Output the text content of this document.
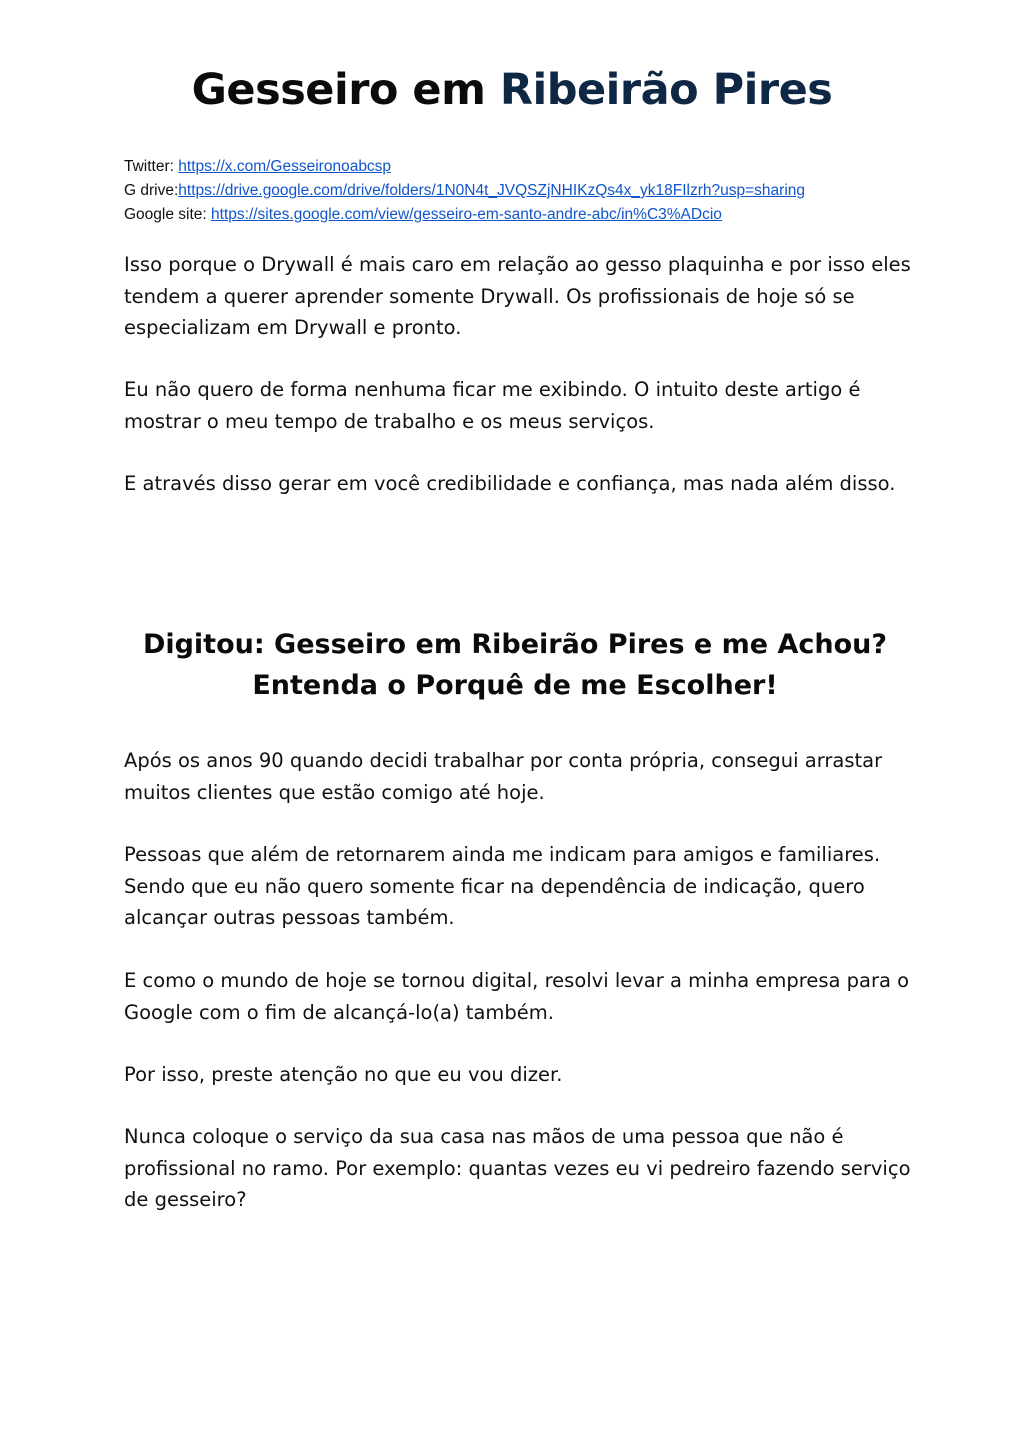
Gesseiro em Ribeirão Pires
Twitter: https://x.com/Gesseironoabcsp
G drive:https://drive.google.com/drive/folders/1N0N4t_JVQSZjNHIKzQs4x_yk18FIlzrh?usp=sharing
Google site: https://sites.google.com/view/gesseiro-em-santo-andre-abc/in%C3%ADcio

Isso porque o Drywall é mais caro em relação ao gesso plaquinha e por isso eles tendem a querer aprender somente Drywall. Os profissionais de hoje só se especializam em Drywall e pronto.

Eu não quero de forma nenhuma ficar me exibindo. O intuito deste artigo é mostrar o meu tempo de trabalho e os meus serviços.

E através disso gerar em você credibilidade e confiança, mas nada além disso.

Digitou: Gesseiro em Ribeirão Pires e me Achou? Entenda o Porquê de me Escolher!

Após os anos 90 quando decidi trabalhar por conta própria, consegui arrastar muitos clientes que estão comigo até hoje.

Pessoas que além de retornarem ainda me indicam para amigos e familiares. Sendo que eu não quero somente ficar na dependência de indicação, quero alcançar outras pessoas também.

E como o mundo de hoje se tornou digital, resolvi levar a minha empresa para o Google com o fim de alcançá-lo(a) também.

Por isso, preste atenção no que eu vou dizer.

Nunca coloque o serviço da sua casa nas mãos de uma pessoa que não é profissional no ramo. Por exemplo: quantas vezes eu vi pedreiro fazendo serviço de gesseiro?
